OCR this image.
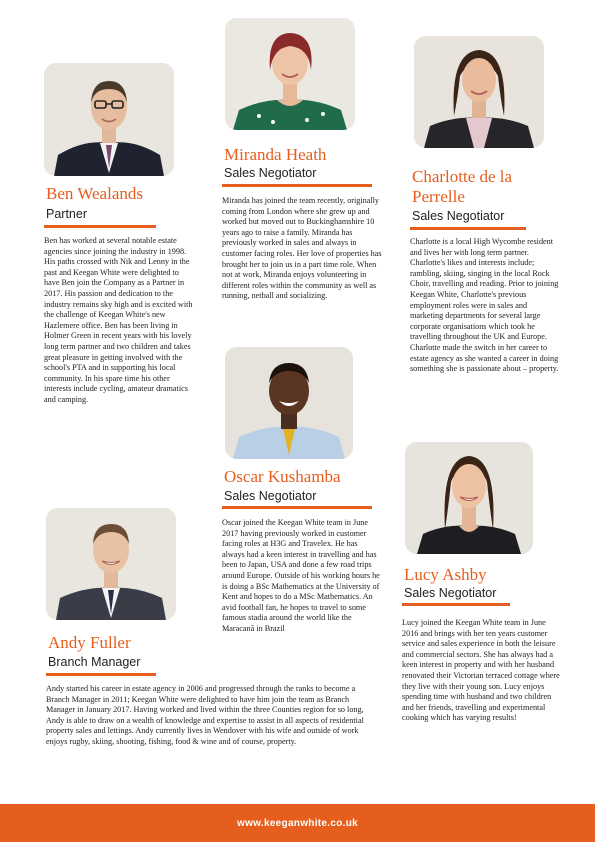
Ben Wealands
Partner

Ben has worked at several notable estate agencies since joining the industry in 1998. His paths crossed with Nik and Lenny in the past and Keegan White were delighted to have Ben join the Company as a Partner in 2017. His passion and dedication to the industry remains sky high and is excited with the challenge of Keegan White's new Hazlemere office. Ben has been living in Holmer Green in recent years with his lovely long term partner and two children and takes great pleasure in getting involved with the school's PTA and in supporting his local community. In his spare time his other interests include cycling, amateur dramatics and camping.

Miranda Heath
Sales Negotiator

Miranda has joined the team recently, originally coming from London where she grew up and worked but moved out to Buckinghamshire 10 years ago to raise a family. Miranda has previously worked in sales and always in customer facing roles. Her love of properties has brought her to join us in a part time role. When not at work, Miranda enjoys volunteering in different roles within the community as well as running, netball and socializing.

Charlotte de la Perrelle
Sales Negotiator

Charlotte is a local High Wycombe resident and lives her with long term partner. Charlotte's likes and interests include; rambling, skiing, singing in the local Rock Choir, travelling and reading. Prior to joining Keegan White, Charlotte's previous employment roles were in sales and marketing departments for several large corporate organisations which took he travelling throughout the UK and Europe. Charlotte made the switch in her career to estate agency as she wanted a career in doing something she is passionate about – property.

Oscar Kushamba
Sales Negotiator

Oscar joined the Keegan White team in June 2017 having previously worked in customer facing roles at H3G and Travelex. He has always had a keen interest in travelling and has been to Japan, USA and done a few road trips around Europe. Outside of his working hours he is doing a BSc Mathematics at the University of Kent and hopes to do a MSc Mathematics. An avid football fan, he hopes to travel to some famous stadia around the world like the Maracanã in Brazil

Lucy Ashby
Sales Negotiator

Lucy joined the Keegan White team in June 2016 and brings with her ten years customer service and sales experience in both the leisure and commercial sectors. She has always had a keen interest in property and with her husband renovated their Victorian terraced cottage where they live with their young son. Lucy enjoys spending time with husband and two children and her friends, travelling and experimental cooking which has varying results!

Andy Fuller
Branch Manager

Andy started his career in estate agency in 2006 and progressed through the ranks to become a Branch Manager in 2011; Keegan White were delighted to have him join the team as Branch Manager in January 2017. Having worked and lived within the three Counties region for so long, Andy is able to draw on a wealth of knowledge and expertise to assist in all aspects of residential property sales and lettings. Andy currently lives in Wendover with his wife and outside of work enjoys rugby, skiing, shooting, fishing, food & wine and of course, property.

www.keeganwhite.co.uk
